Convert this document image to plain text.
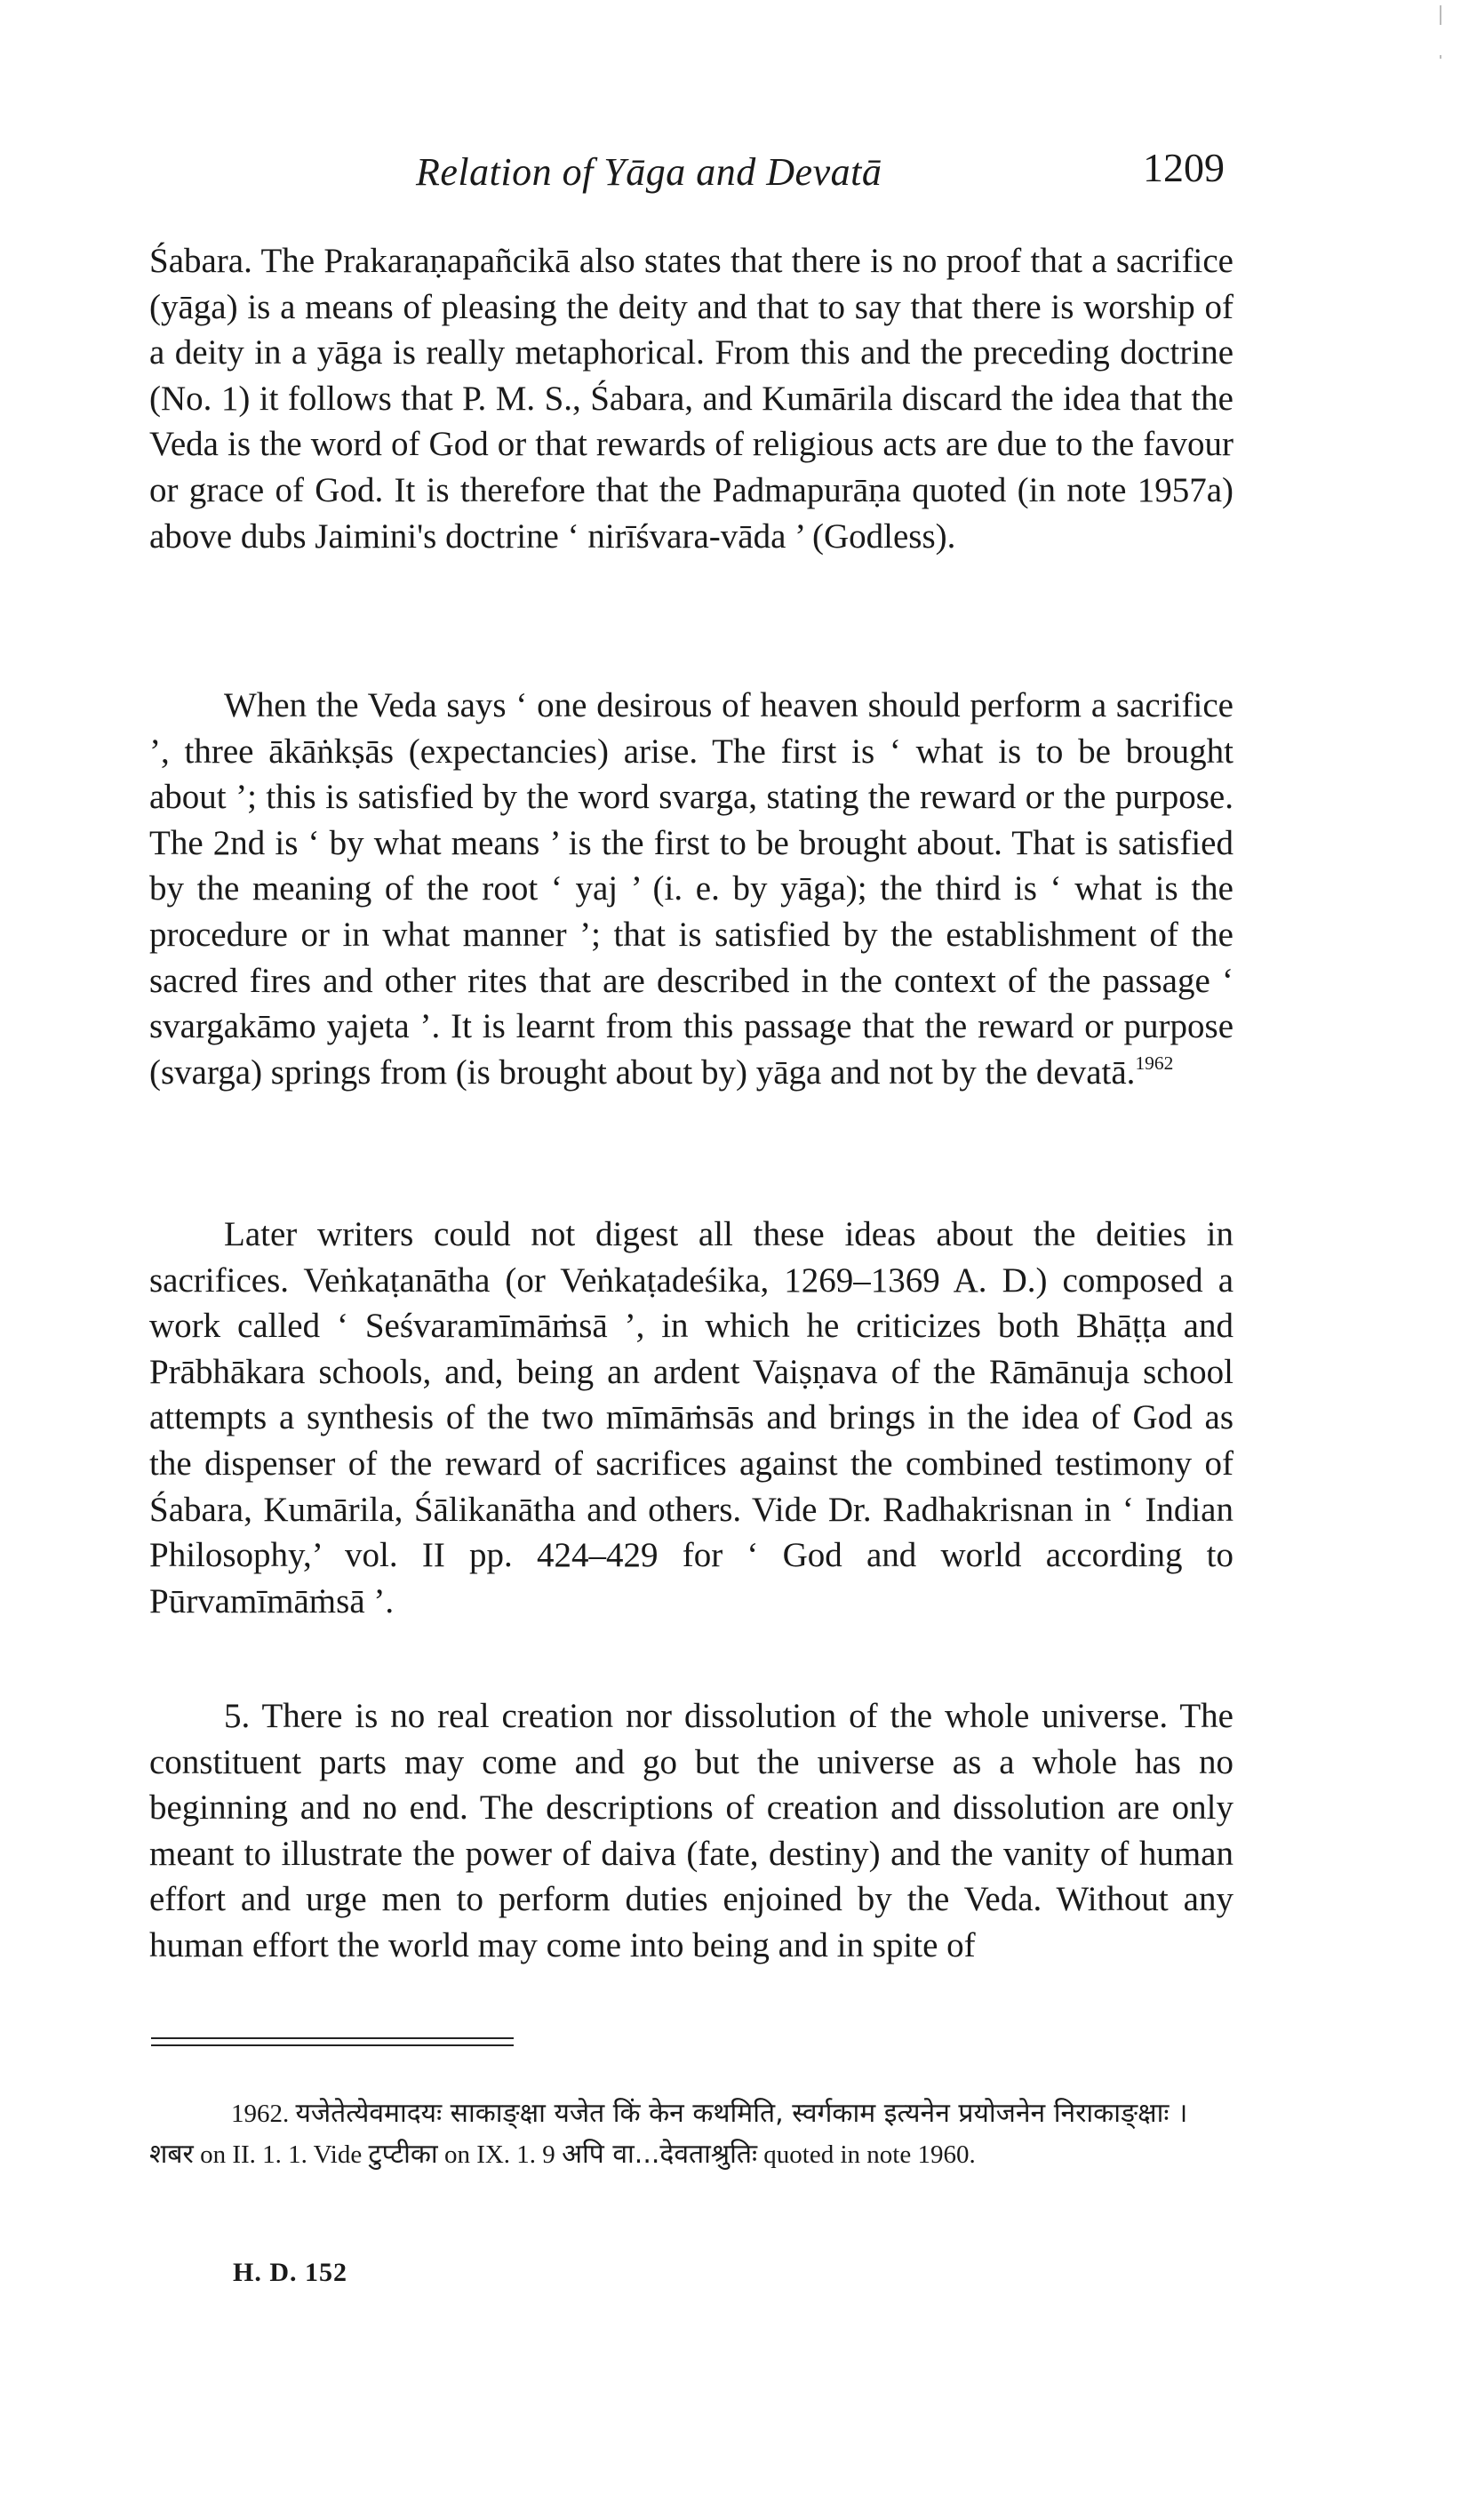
Relation of Yāga and Devatā	1209

Śabara. The Prakaraṇapañcikā also states that there is no proof that a sacrifice (yāga) is a means of pleasing the deity and that to say that there is worship of a deity in a yāga is really metaphorical. From this and the preceding doctrine (No. 1) it follows that P. M. S., Śabara, and Kumārila discard the idea that the Veda is the word of God or that rewards of religious acts are due to the favour or grace of God. It is therefore that the Padmapurāṇa quoted (in note 1957a) above dubs Jaimini's doctrine ‘ nirīśvara-vāda ’ (Godless).

When the Veda says ‘ one desirous of heaven should perform a sacrifice ’, three ākāṅkṣās (expectancies) arise. The first is ‘ what is to be brought about ’; this is satisfied by the word svarga, stating the reward or the purpose. The 2nd is ‘ by what means ’ is the first to be brought about. That is satisfied by the meaning of the root ‘ yaj ’ (i. e. by yāga); the third is ‘ what is the procedure or in what manner ’; that is satisfied by the establishment of the sacred fires and other rites that are described in the context of the passage ‘ svargakāmo yajeta ’. It is learnt from this passage that the reward or purpose (svarga) springs from (is brought about by) yāga and not by the devatā.$^{1962}$

Later writers could not digest all these ideas about the deities in sacrifices. Veṅkaṭanātha (or Veṅkaṭadeśika, 1269–1369 A. D.) composed a work called ‘ Seśvaramīmāṁsā ’, in which he criticizes both Bhāṭṭa and Prābhākara schools, and, being an ardent Vaiṣṇava of the Rāmānuja school attempts a synthesis of the two mīmāṁsās and brings in the idea of God as the dispenser of the reward of sacrifices against the combined testimony of Śabara, Kumārila, Śālikanātha and others. Vide Dr. Radhakrisnan in ‘ Indian Philosophy,’ vol. II pp. 424–429 for ‘ God and world according to Pūrvamīmāṁsā ’.

5. There is no real creation nor dissolution of the whole universe. The constituent parts may come and go but the universe as a whole has no beginning and no end. The descriptions of creation and dissolution are only meant to illustrate the power of daiva (fate, destiny) and the vanity of human effort and urge men to perform duties enjoined by the Veda. Without any human effort the world may come into being and in spite of

1962. यजेतेत्येवमादयः साकाङ्क्षा यजेत किं केन कथमिति, स्वर्गकाम इत्यनेन प्रयोजनेन निराकाङ्क्षाः । शबर on II. 1. 1. Vide टुप्टीका on IX. 1. 9 अपि वा...देवताश्रुतिः quoted in note 1960.
H. D. 152
